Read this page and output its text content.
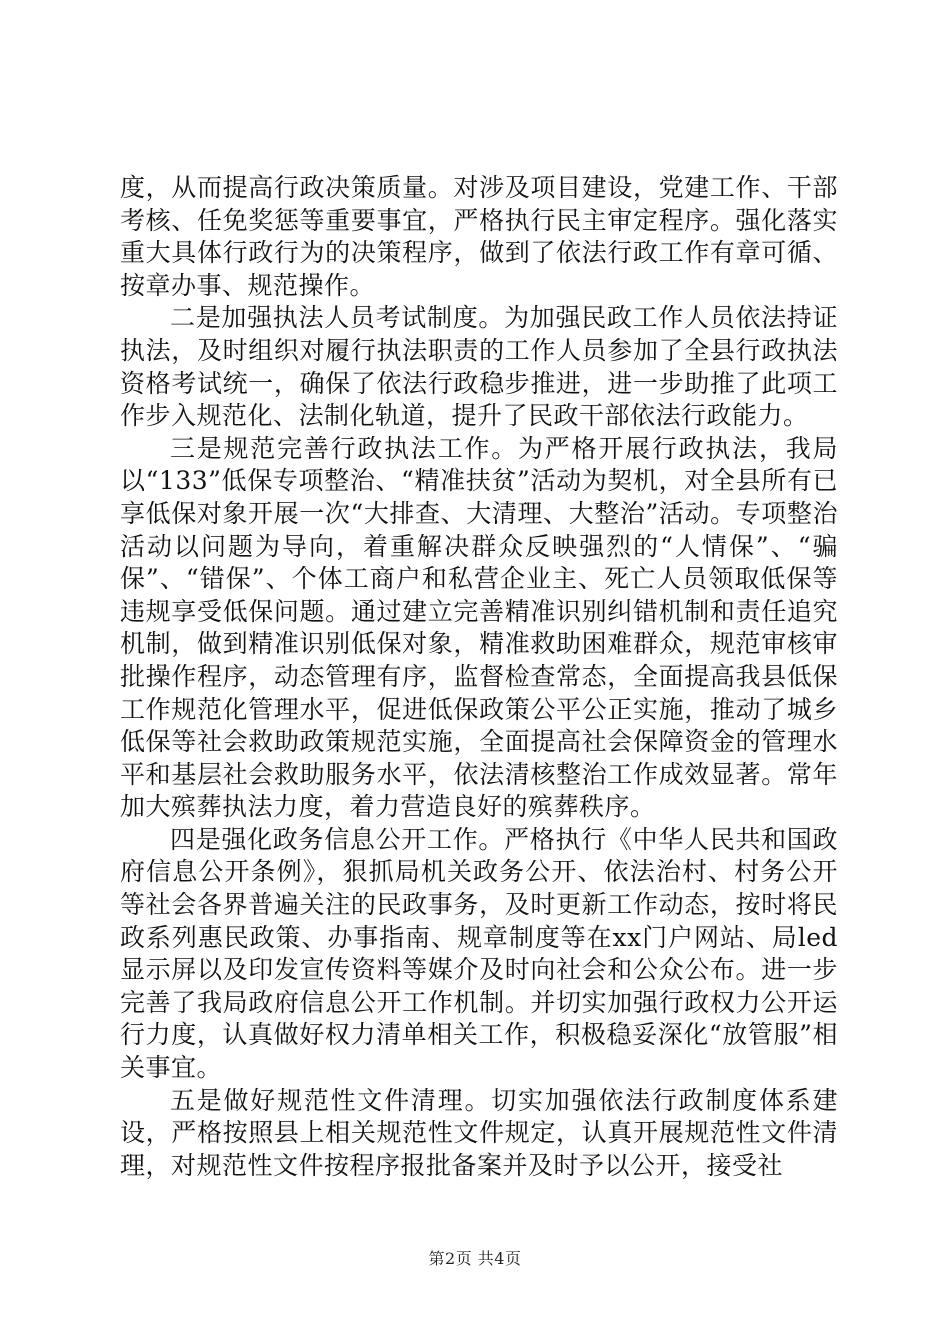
度，从而提高行政决策质量。对涉及项目建设，党建工作、干部考核、任免奖惩等重要事宜，严格执行民主审定程序。强化落实重大具体行政行为的决策程序，做到了依法行政工作有章可循、按章办事、规范操作。

二是加强执法人员考试制度。为加强民政工作人员依法持证执法，及时组织对履行执法职责的工作人员参加了全县行政执法资格考试统一，确保了依法行政稳步推进，进一步助推了此项工作步入规范化、法制化轨道，提升了民政干部依法行政能力。

三是规范完善行政执法工作。为严格开展行政执法，我局以“133”低保专项整治、“精准扶贫”活动为契机，对全县所有已享低保对象开展一次“大排查、大清理、大整治”活动。专项整治活动以问题为导向，着重解决群众反映强烈的“人情保”、“骗保”、“错保”、个体工商户和私营企业主、死亡人员领取低保等违规享受低保问题。通过建立完善精准识别纠错机制和责任追究机制，做到精准识别低保对象，精准救助困难群众，规范审核审批操作程序，动态管理有序，监督检查常态，全面提高我县低保工作规范化管理水平，促进低保政策公平公正实施，推动了城乡低保等社会救助政策规范实施，全面提高社会保障资金的管理水平和基层社会救助服务水平，依法清核整治工作成效显著。常年加大殡葬执法力度，着力营造良好的殡葬秩序。

四是强化政务信息公开工作。严格执行《中华人民共和国政府信息公开条例》，狠抓局机关政务公开、依法治村、村务公开等社会各界普遍关注的民政事务，及时更新工作动态，按时将民政系列惠民政策、办事指南、规章制度等在xx门户网站、局led显示屏以及印发宣传资料等媒介及时向社会和公众公布。进一步完善了我局政府信息公开工作机制。并切实加强行政权力公开运行力度，认真做好权力清单相关工作，积极稳妥深化“放管服”相关事宜。

五是做好规范性文件清理。切实加强依法行政制度体系建设，严格按照县上相关规范性文件规定，认真开展规范性文件清理，对规范性文件按程序报批备案并及时予以公开，接受社

第2页 共4页
